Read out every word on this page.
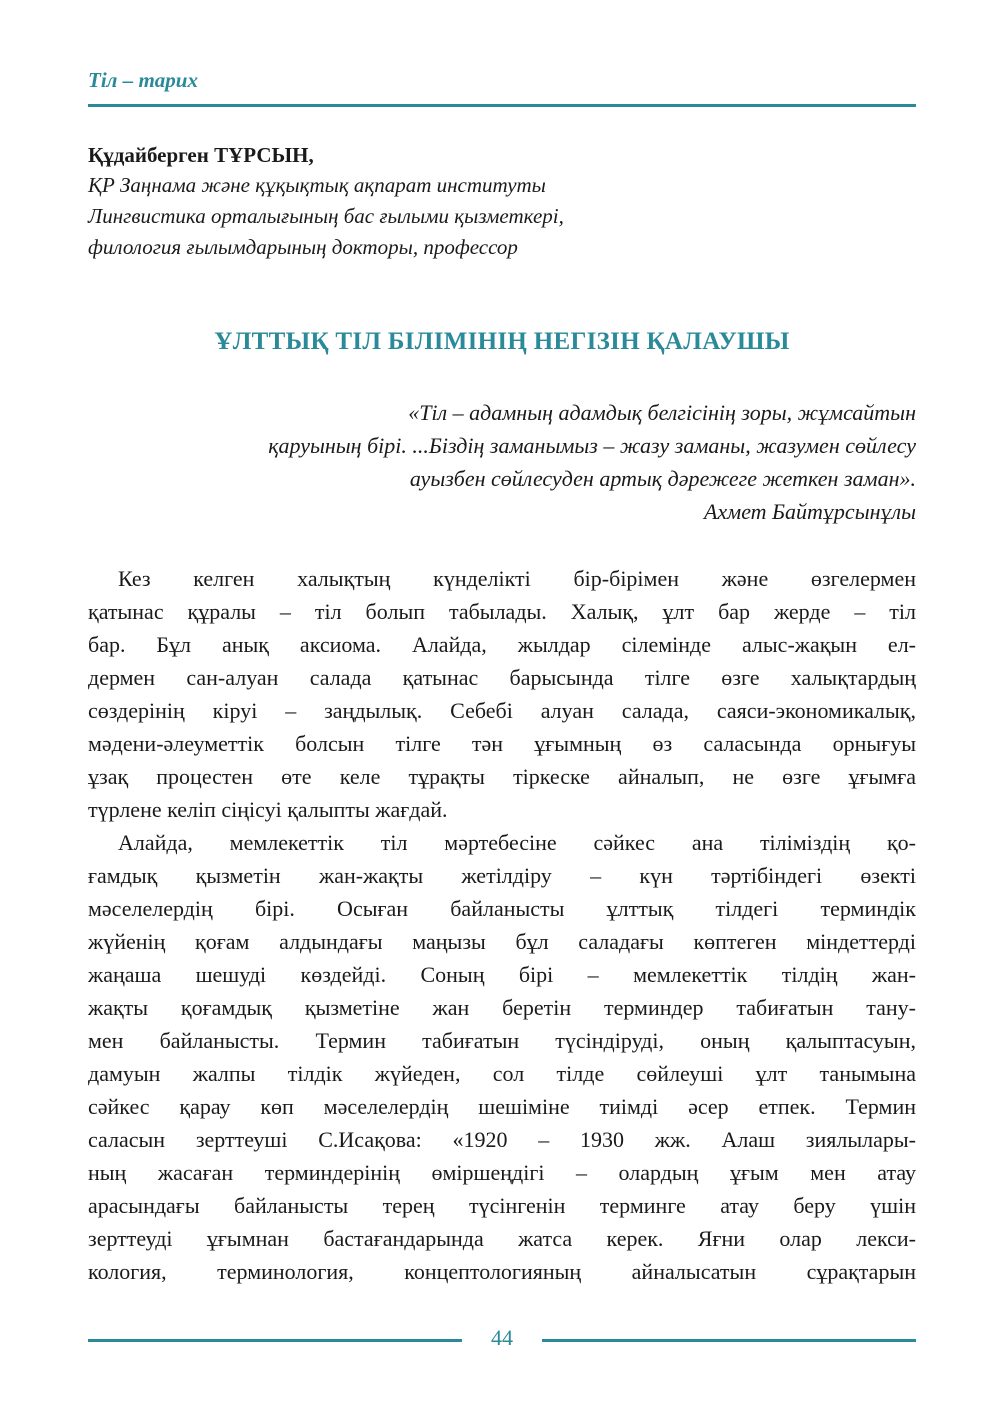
Тіл – тарих
Құдайберген ТҰРСЫН,
ҚР Заңнама және құқықтық ақпарат институты
Лингвистика орталығының бас ғылыми қызметкері,
филология ғылымдарының докторы, профессор
ҰЛТТЫҚ ТІЛ БІЛІМІНІҢ НЕГІЗІН ҚАЛАУШЫ
«Тіл – адамның адамдық белгісінің зоры, жұмсайтын
қаруының бірі. ...Біздің заманымыз – жазу заманы, жазумен сөйлесу
ауызбен сөйлесуден артық дәрежеге жеткен заман».
Ахмет Байтұрсынұлы
Кез келген халықтың күнделікті бір-бірімен және өзгелермен
қатынас құралы – тіл болып табылады. Халық, ұлт бар жерде – тіл
бар. Бұл анық аксиома. Алайда, жылдар сілемінде алыс-жақын ел-
дермен сан-алуан салада қатынас барысында тілге өзге халықтардың
сөздерінің кіруі – заңдылық. Себебі алуан салада, саяси-экономикалық,
мәдени-әлеуметтік болсын тілге тән ұғымның өз саласында орнығуы
ұзақ процестен өте келе тұрақты тіркеске айналып, не өзге ұғымға
түрлене келіп сіңісуі қалыпты жағдай.
Алайда, мемлекеттік тіл мәртебесіне сәйкес ана тіліміздің қо-
ғамдық қызметін жан-жақты жетілдіру – күн тәртібіндегі өзекті
мәселелердің бірі. Осыған байланысты ұлттық тілдегі терминдік
жүйенің қоғам алдындағы маңызы бұл саладағы көптеген міндеттерді
жаңаша шешуді көздейді. Соның бірі – мемлекеттік тілдің жан-
жақты қоғамдық қызметіне жан беретін терминдер табиғатын тану-
мен байланысты. Термин табиғатын түсіндіруді, оның қалыптасуын,
дамуын жалпы тілдік жүйеден, сол тілде сөйлеуші ұлт танымына
сәйкес қарау көп мәселелердің шешіміне тиімді әсер етпек. Термин
саласын зерттеуші С.Исақова: «1920 – 1930 жж. Алаш зиялылары-
ның жасаған терминдерінің өміршеңдігі – олардың ұғым мен атау
арасындағы байланысты терең түсінгенін терминге атау беру үшін
зерттеуді ұғымнан бастағандарында жатса керек. Яғни олар лекси-
кология, терминология, концептологияның айналысатын сұрақтарын
44
